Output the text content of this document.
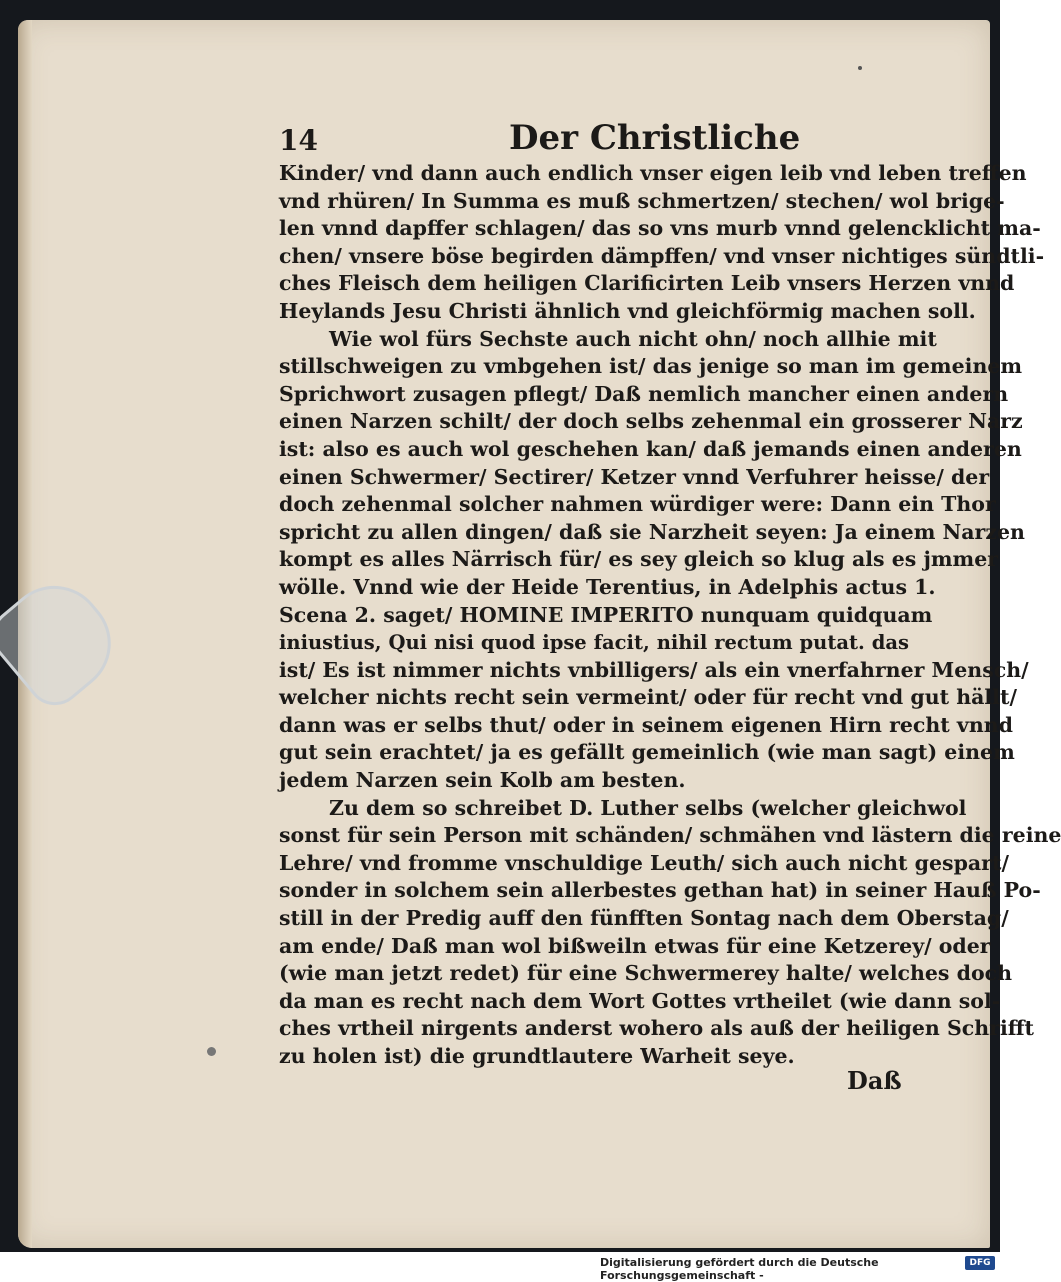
14	Der Christliche
Kinder/ vnd dann auch endlich vnser eigen leib vnd leben treffen
vnd rhüren/ In Summa es muß schmertzen/ stechen/ wol brige-
len vnnd dapffer schlagen/ das so vns murb vnnd gelencklicht ma-
chen/ vnsere böse begirden dämpffen/ vnd vnser nichtiges sündtli-
ches Fleisch dem heiligen Clarificirten Leib vnsers Herzen vnnd
Heylands Jesu Christi ähnlich vnd gleichförmig machen soll.
Wie wol fürs Sechste auch nicht ohn/ noch allhie mit
stillschweigen zu vmbgehen ist/ das jenige so man im gemeinem
Sprichwort zusagen pflegt/ Daß nemlich mancher einen andern
einen Narzen schilt/ der doch selbs zehenmal ein grosserer Narz
ist: also es auch wol geschehen kan/ daß jemands einen anderen
einen Schwermer/ Sectirer/ Ketzer vnnd Verfuhrer heisse/ der
doch zehenmal solcher nahmen würdiger were: Dann ein Thor
spricht zu allen dingen/ daß sie Narzheit seyen: Ja einem Narzen
kompt es alles Närrisch für/ es sey gleich so klug als es jmmer
wölle. Vnnd wie der Heide Terentius, in Adelphis actus 1.
Scena 2. saget/ HOMINE IMPERITO nunquam quidquam
iniustius, Qui nisi quod ipse facit, nihil rectum putat. das
ist/ Es ist nimmer nichts vnbilligers/ als ein vnerfahrner Mensch/
welcher nichts recht sein vermeint/ oder für recht vnd gut hällt/
dann was er selbs thut/ oder in seinem eigenen Hirn recht vnnd
gut sein erachtet/ ja es gefällt gemeinlich (wie man sagt) einem
jedem Narzen sein Kolb am besten.
Zu dem so schreibet D. Luther selbs (welcher gleichwol
sonst für sein Person mit schänden/ schmähen vnd lästern die reine
Lehre/ vnd fromme vnschuldige Leuth/ sich auch nicht gespart/
sonder in solchem sein allerbestes gethan hat) in seiner Hauß Po-
still in der Predig auff den fünfften Sontag nach dem Oberstag/
am ende/ Daß man wol bißweiln etwas für eine Ketzerey/ oder
(wie man jetzt redet) für eine Schwermerey halte/ welches doch
da man es recht nach dem Wort Gottes vrtheilet (wie dann sol-
ches vrtheil nirgents anderst wohero als auß der heiligen Schrifft
zu holen ist) die grundtlautere Warheit seye.
Daß
Digitalisierung gefördert durch die Deutsche Forschungsgemeinschaft -
DFG
